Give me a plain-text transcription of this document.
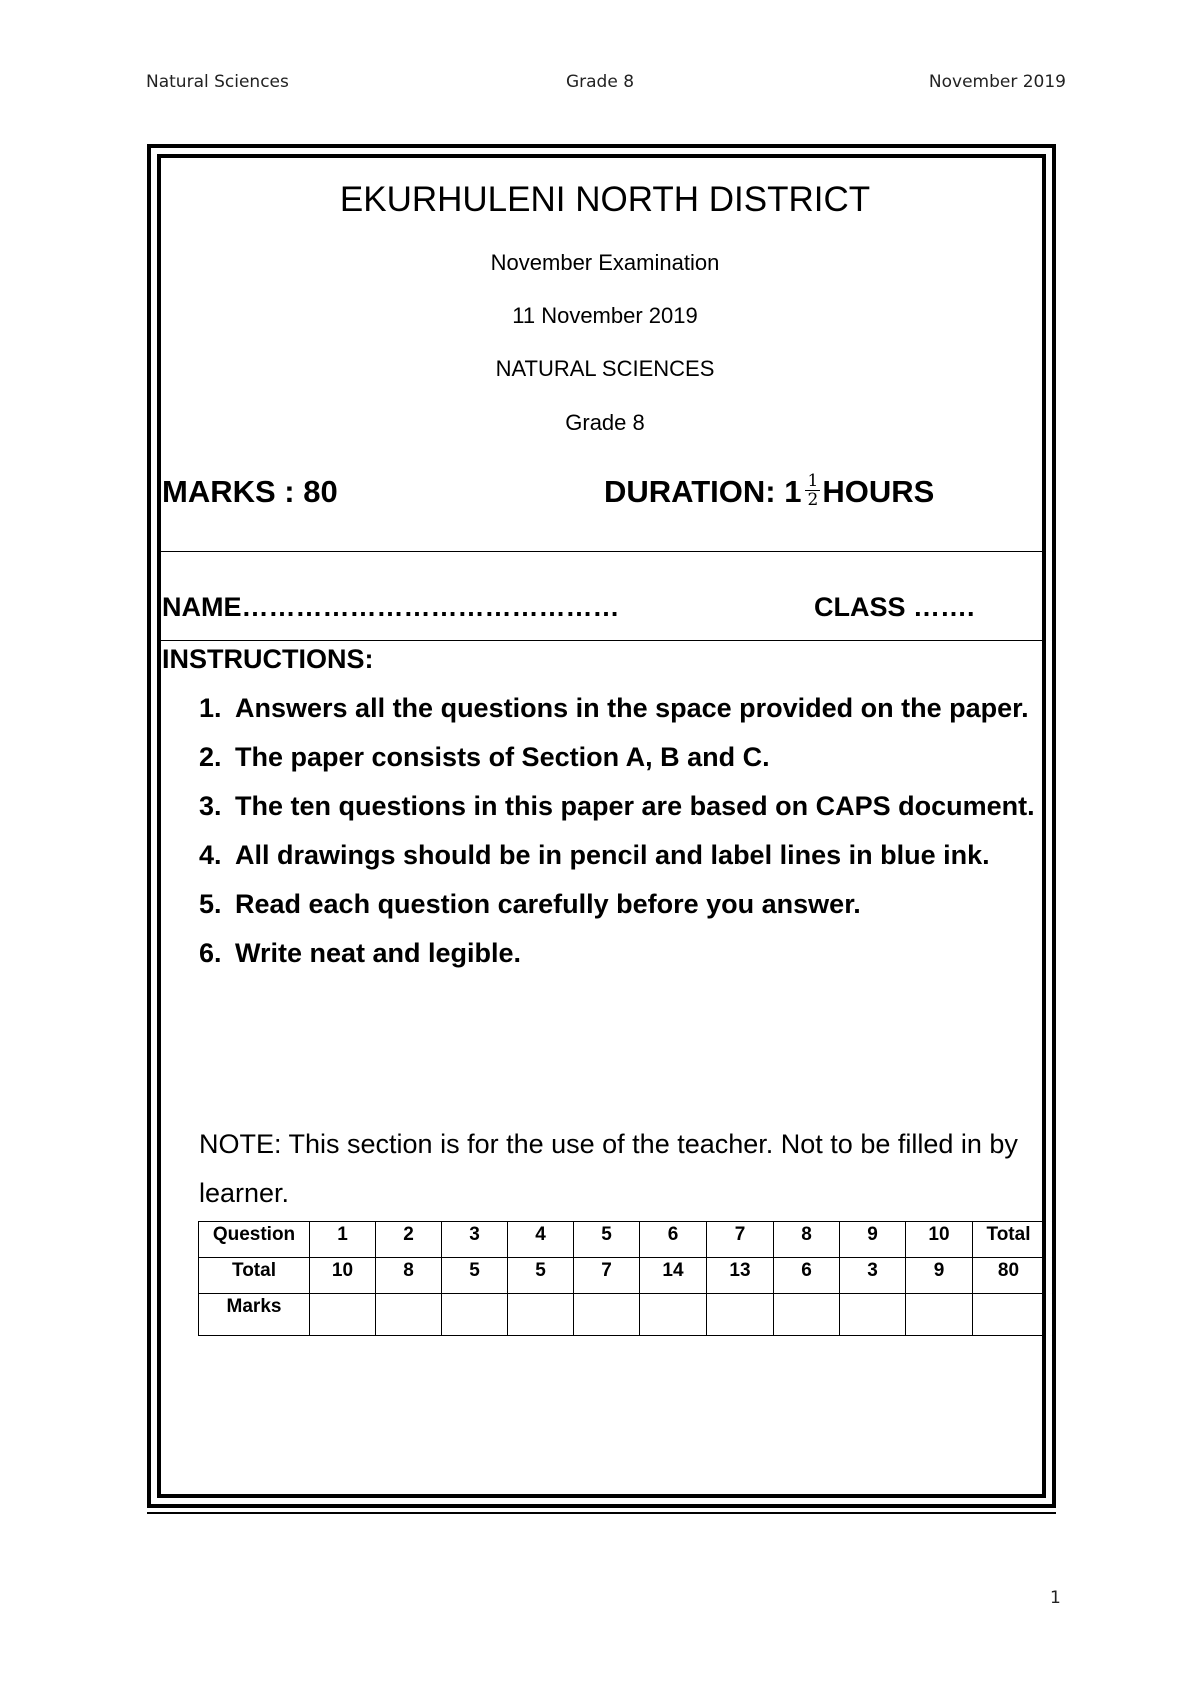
Natural Sciences	Grade 8	November 2019
EKURHULENI NORTH DISTRICT
November Examination
11 November 2019
NATURAL SCIENCES
Grade 8
MARKS : 80	DURATION: $1 \frac{1}{2}$ HOURS
NAME……………………………………	CLASS …….
INSTRUCTIONS:
1. Answers all the questions in the space provided on the paper.
2. The paper consists of Section A, B and C.
3. The ten questions in this paper are based on CAPS document.
4. All drawings should be in pencil and label lines in blue ink.
5. Read each question carefully before you answer.
6. Write neat and legible.
NOTE: This section is for the use of the teacher. Not to be filled in by learner.
Question	1	2	3	4	5	6	7	8	9	10	Total
Total	10	8	5	5	7	14	13	6	3	9	80
Marks											
1
